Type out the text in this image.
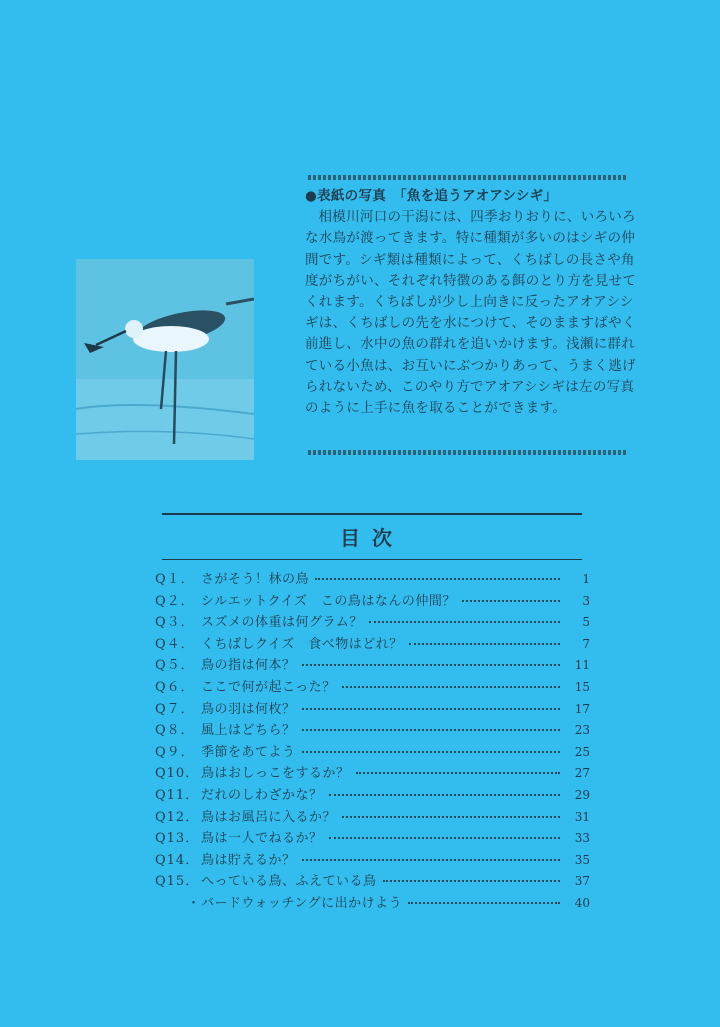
●表紙の写真　「魚を追うアオアシシギ」

相模川河口の干潟には、四季おりおりに、いろいろな水鳥が渡ってきます。特に種類が多いのはシギの仲間です。シギ類は種類によって、くちばしの長さや角度がちがい、それぞれ特徴のある餌のとり方を見せてくれます。くちばしが少し上向きに反ったアオアシシギは、くちばしの先を水につけて、そのまますばやく前進し、水中の魚の群れを追いかけます。浅瀬に群れている小魚は、お互いにぶつかりあって、うまく逃げられないため、このやり方でアオアシシギは左の写真のように上手に魚を取ることができます。

目次
Q１． さがそう！林の鳥	1
Q２． シルエットクイズ　この鳥はなんの仲間？	3
Q３． スズメの体重は何グラム？	5
Q４． くちばしクイズ　食べ物はどれ？	7
Q５． 鳥の指は何本？	11
Q６． ここで何が起こった？	15
Q７． 鳥の羽は何枚？	17
Q８． 風上はどちら？	23
Q９． 季節をあてよう	25
Q10． 鳥はおしっこをするか？	27
Q11． だれのしわざかな？	29
Q12． 鳥はお風呂に入るか？	31
Q13． 鳥は一人でねるか？	33
Q14． 鳥は貯えるか？	35
Q15． へっている鳥、ふえている鳥	37
・ バードウォッチングに出かけよう	40
